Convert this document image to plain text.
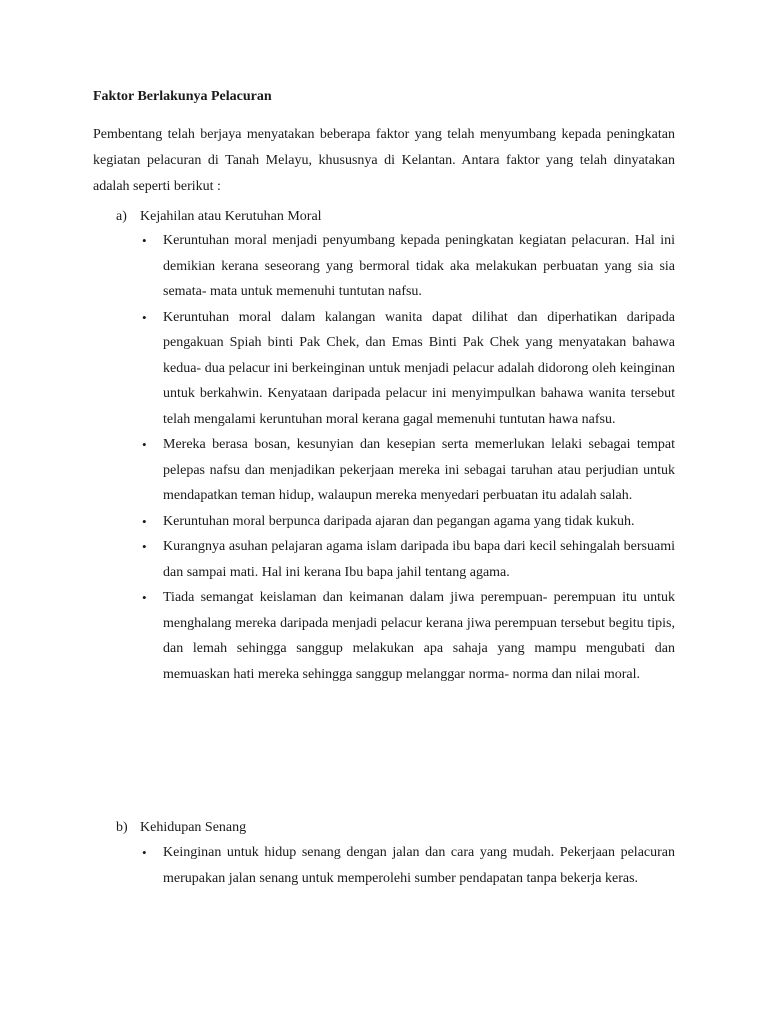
Faktor Berlakunya Pelacuran

Pembentang telah berjaya menyatakan beberapa faktor yang telah menyumbang kepada peningkatan kegiatan pelacuran di Tanah Melayu, khususnya di Kelantan. Antara faktor yang telah dinyatakan adalah seperti berikut :

a) Kejahilan atau Kerutuhan Moral
• Keruntuhan moral menjadi penyumbang kepada peningkatan kegiatan pelacuran. Hal ini demikian kerana seseorang yang bermoral tidak aka melakukan perbuatan yang sia sia semata- mata untuk memenuhi tuntutan nafsu.
• Keruntuhan moral dalam kalangan wanita dapat dilihat dan diperhatikan daripada pengakuan Spiah binti Pak Chek, dan Emas Binti Pak Chek yang menyatakan bahawa kedua- dua pelacur ini berkeinginan untuk menjadi pelacur adalah didorong oleh keinginan untuk berkahwin. Kenyataan daripada pelacur ini menyimpulkan bahawa wanita tersebut telah mengalami keruntuhan moral kerana gagal memenuhi tuntutan hawa nafsu.
• Mereka berasa bosan, kesunyian dan kesepian serta memerlukan lelaki sebagai tempat pelepas nafsu dan menjadikan pekerjaan mereka ini sebagai taruhan atau perjudian untuk mendapatkan teman hidup, walaupun mereka menyedari perbuatan itu adalah salah.
• Keruntuhan moral berpunca daripada ajaran dan pegangan agama yang tidak kukuh.
• Kurangnya asuhan pelajaran agama islam daripada ibu bapa dari kecil sehingalah bersuami dan sampai mati. Hal ini kerana Ibu bapa jahil tentang agama.
• Tiada semangat keislaman dan keimanan dalam jiwa perempuan- perempuan itu untuk menghalang mereka daripada menjadi pelacur kerana jiwa perempuan tersebut begitu tipis, dan lemah sehingga sanggup melakukan apa sahaja yang mampu mengubati dan memuaskan hati mereka sehingga sanggup melanggar norma- norma dan nilai moral.
b) Kehidupan Senang
• Keinginan untuk hidup senang dengan jalan dan cara yang mudah. Pekerjaan pelacuran merupakan jalan senang untuk memperolehi sumber pendapatan tanpa bekerja keras.
